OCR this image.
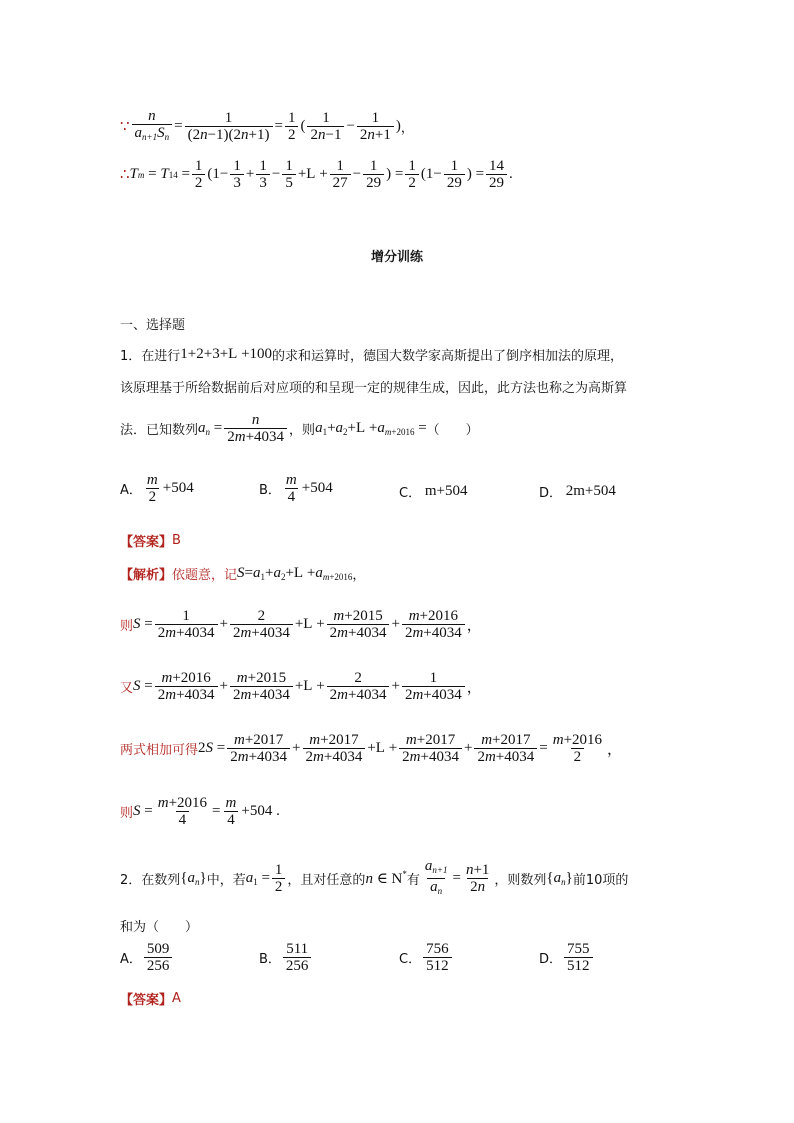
∵ $\frac{n}{a_{n+1}S_n} = \frac{1}{(2n-1)(2n+1)} = \frac{1}{2}$ ( $\frac{1}{2n-1} - \frac{1}{2n+1}$ ) ，
∴ T m = T $14 = \frac{1}{2} (1- \frac{1}{3} + \frac{1}{3} - \frac{1}{5} +L + \frac{1}{27} - \frac{1}{29}$ ) = $\frac{1}{2} (1- \frac{1}{29}$ ) = $\frac{14}{29}$ .
增分训练
一、选择题
1．在进行 1+2+3+L +100 的求和运算时，德国大数学家高斯提出了倒序相加法的原理，
该原理基于所给数据前后对应项的和呈现一定的规律生成，因此，此方法也称之为高斯算
法．已知数列 $a_n = \frac{n}{2m+4034}$ ，则 $a_1+a_2+L +a_{m+2016}$ = （　　）
A． $\frac{m}{2} +504$	B． $\frac{m}{4} +504$	C．
m+504	D．
2m+504
【答案】 B
【解析】 依题意，记 $S=a_1+a_2+L +a_{m+2016}$ ，
则 $S = \frac{1}{2m+4034} + \frac{2}{2m+4034} +L + \frac{m+2015}{2m+4034} + \frac{m+2016}{2m+4034}$ ，
又 $S = \frac{m+2016}{2m+4034} + \frac{m+2015}{2m+4034} +L + \frac{2}{2m+4034} + \frac{1}{2m+4034}$ ，
两式相加可得 2 $S = \frac{m+2017}{2m+4034} + \frac{m+2017}{2m+4034} +L + \frac{m+2017}{2m+4034} + \frac{m+2017}{2m+4034} = \frac{m+2016}{2}$ ，
则 $S = \frac{m+2016}{4} = \frac{m}{4} +504$ .
2．在数列 $\{a_n\}$ 中，若 $a_1 = \frac{1}{2}$ ，且对任意的 n ∈ N* 有 $\frac{a_{n+1}}{a_n} = \frac{n+1}{2n}$ ，则数列 $\{a_n\}$ 前10项的
和为（　　）
A． $\frac{509}{256}$	B． $\frac{511}{256}$	C． $\frac{756}{512}$	D． $\frac{755}{512}$
【答案】 A
